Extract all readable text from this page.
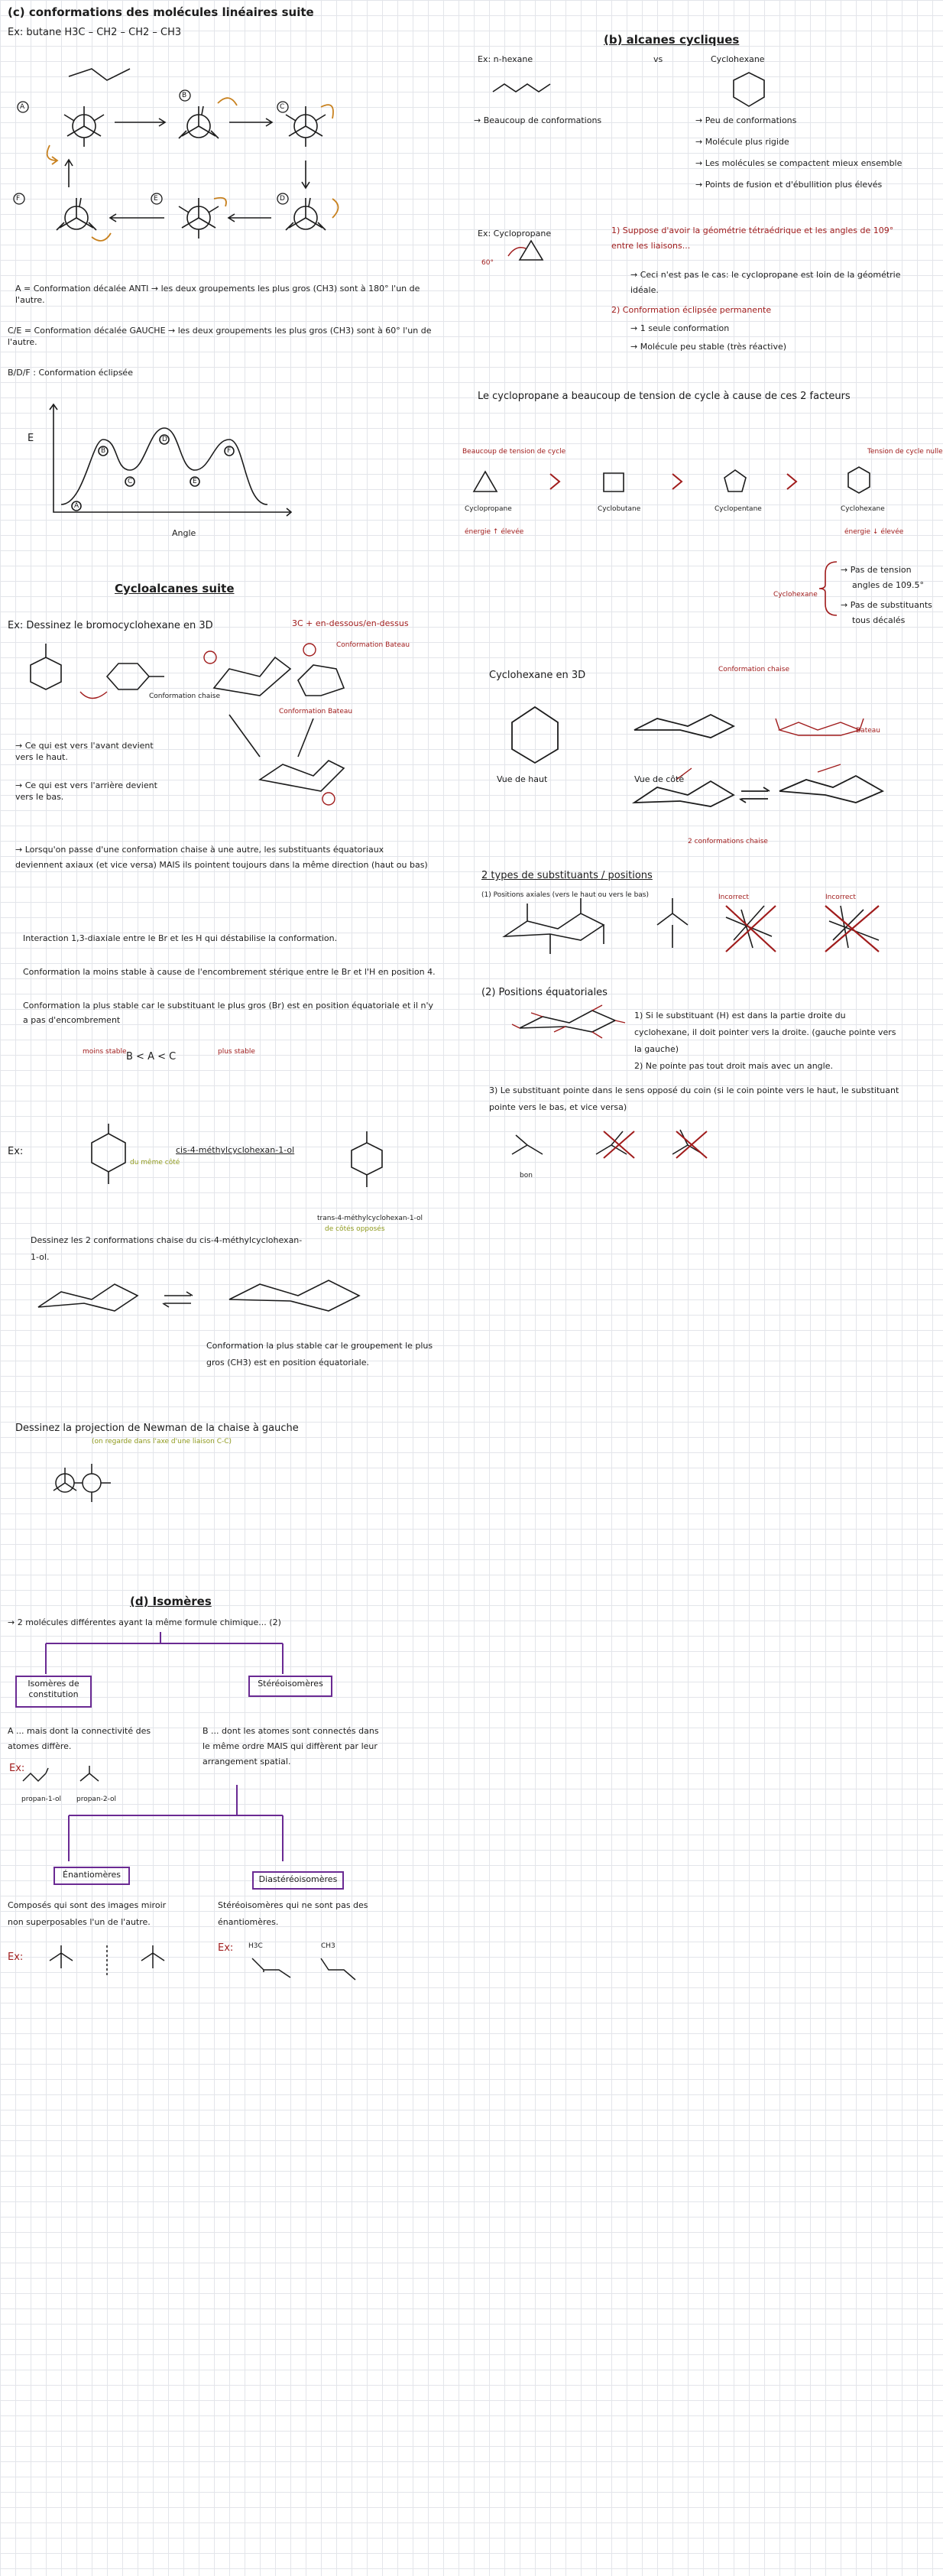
(c) conformations des molécules linéaires suite
Ex: butane H3C – CH2 – CH2 – CH3
A
B
C
D
E
F
A = Conformation décalée ANTI → les deux groupements les plus gros (CH3) sont à 180° l'un de l'autre.
C/E = Conformation décalée GAUCHE → les deux groupements les plus gros (CH3) sont à 60° l'un de l'autre.
B/D/F : Conformation éclipsée
E
Angle
A
B
C
D
E
F
Cycloalcanes suite
Ex: Dessinez le bromocyclohexane en 3D	3C + en-dessous/en-dessus
Conformation Bateau
Conformation chaise
Conformation Bateau
→ Ce qui est vers l'avant devient vers le haut.
→ Ce qui est vers l'arrière devient vers le bas.
→ Lorsqu'on passe d'une conformation chaise à une autre, les substituants équatoriaux deviennent axiaux (et vice versa) MAIS ils pointent toujours dans la même direction (haut ou bas)
Interaction 1,3-diaxiale entre le Br et les H qui déstabilise la conformation.
Conformation la moins stable à cause de l'encombrement stérique entre le Br et l'H en position 4.
Conformation la plus stable car le substituant le plus gros (Br) est en position équatoriale et il n'y a pas d'encombrement
moins stable B < A < C	plus stable
Ex:	cis-4-méthylcyclohexan-1-ol
du même côté
trans-4-méthylcyclohexan-1-ol
de côtés opposés
Dessinez les 2 conformations chaise du cis-4-méthylcyclohexan-1-ol.
Conformation la plus stable car le groupement le plus gros (CH3) est en position équatoriale.
Dessinez la projection de Newman de la chaise à gauche
(on regarde dans l'axe d'une liaison C-C)
(d) Isomères
→ 2 molécules différentes ayant la même formule chimique... (2)
Isomères de constitution
Stéréoisomères
A ... mais dont la connectivité des atomes diffère.
Ex:
propan-1-ol propan-2-ol
B ... dont les atomes sont connectés dans le même ordre MAIS qui diffèrent par leur arrangement spatial.
Énantiomères	Diastéréoisomères
Composés qui sont des images miroir non superposables l'un de l'autre.
Ex:
Stéréoisomères qui ne sont pas des énantiomères.
Ex: H3C	CH3
(b) alcanes cycliques
Ex: n-hexane	vs	Cyclohexane
→ Beaucoup de conformations	→ Peu de conformations
→ Molécule plus rigide
→ Les molécules se compactent mieux ensemble
→ Points de fusion et d'ébullition plus élevés
Ex: Cyclopropane
60°
1) Suppose d'avoir la géométrie tétraédrique et les angles de 109° entre les liaisons...
→ Ceci n'est pas le cas: le cyclopropane est loin de la géométrie idéale.
2) Conformation éclipsée permanente
→ 1 seule conformation
→ Molécule peu stable (très réactive)
Le cyclopropane a beaucoup de tension de cycle à cause de ces 2 facteurs
Beaucoup de tension de cycle	Tension de cycle nulle
Cyclopropane	Cyclobutane	Cyclopentane	Cyclohexane
énergie ↑ élevée	énergie ↓ élevée
Cyclohexane
→ Pas de tension
angles de 109.5°
→ Pas de substituants
tous décalés
Cyclohexane en 3D
Vue de haut	Vue de côté
Conformation chaise
Bateau
2 conformations chaise
2 types de substituants / positions
(1) Positions axiales (vers le haut ou vers le bas)	Incorrect	Incorrect
(2) Positions équatoriales
1) Si le substituant (H) est dans la partie droite du cyclohexane, il doit pointer vers la droite. (gauche pointe vers la gauche)
2) Ne pointe pas tout droit mais avec un angle.
3) Le substituant pointe dans le sens opposé du coin (si le coin pointe vers le haut, le substituant pointe vers le bas, et vice versa)
bon
